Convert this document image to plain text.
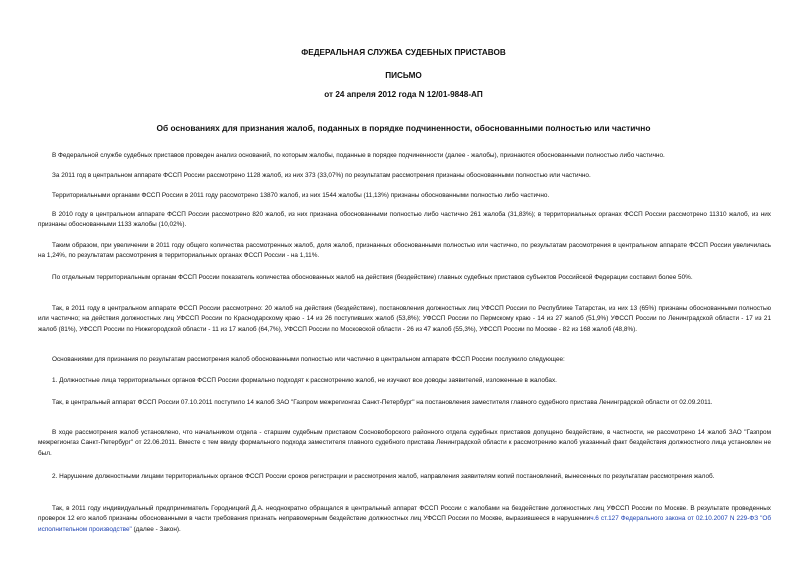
ФЕДЕРАЛЬНАЯ СЛУЖБА СУДЕБНЫХ ПРИСТАВОВ
ПИСЬМО
от 24 апреля 2012 года N 12/01-9848-АП
Об основаниях для признания жалоб, поданных в порядке подчиненности, обоснованными полностью или частично

В Федеральной службе судебных приставов проведен анализ оснований, по которым жалобы, поданные в порядке подчиненности (далее - жалобы), признаются обоснованными полностью либо частично.

За 2011 год в центральном аппарате ФССП России рассмотрено 1128 жалоб, из них 373 (33,07%) по результатам рассмотрения признаны обоснованными полностью или частично.

Территориальными органами ФССП России в 2011 году рассмотрено 13870 жалоб, из них 1544 жалобы (11,13%) признаны обоснованными полностью либо частично.

В 2010 году в центральном аппарате ФССП России рассмотрено 820 жалоб, из них признана обоснованными полностью либо частично 261 жалоба (31,83%); в территориальных органах ФССП России рассмотрено 11310 жалоб, из них признаны обоснованными 1133 жалобы (10,02%).

Таким образом, при увеличении в 2011 году общего количества рассмотренных жалоб, доля жалоб, признанных обоснованными полностью или частично, по результатам рассмотрения в центральном аппарате ФССП России увеличилась на 1,24%, по результатам рассмотрения в территориальных органах ФССП России - на 1,11%.

По отдельным территориальным органам ФССП России показатель количества обоснованных жалоб на действия (бездействие) главных судебных приставов субъектов Российской Федерации составил более 50%.

Так, в 2011 году в центральном аппарате ФССП России рассмотрено: 20 жалоб на действия (бездействие), постановления должностных лиц УФССП России по Республике Татарстан, из них 13 (65%) признаны обоснованными полностью или частично; на действия должностных лиц УФССП России по Краснодарскому краю - 14 из 26 поступивших жалоб (53,8%); УФССП России по Пермскому краю - 14 из 27 жалоб (51,9%) УФССП России по Ленинградской области - 17 из 21 жалоб (81%), УФССП России по Нижегородской области - 11 из 17 жалоб (64,7%), УФССП России по Московской области - 26 из 47 жалоб (55,3%), УФССП России по Москве - 82 из 168 жалоб (48,8%).

Основаниями для признания по результатам рассмотрения жалоб обоснованными полностью или частично в центральном аппарате ФССП России послужило следующее:

1. Должностные лица территориальных органов ФССП России формально подходят к рассмотрению жалоб, не изучают все доводы заявителей, изложенные в жалобах.

Так, в центральный аппарат ФССП России 07.10.2011 поступило 14 жалоб ЗАО "Газпром межрегионгаз Санкт-Петербург" на постановления заместителя главного судебного пристава Ленинградской области от 02.09.2011.

В ходе рассмотрения жалоб установлено, что начальником отдела - старшим судебным приставом Сосновоборского районного отдела судебных приставов допущено бездействие, в частности, не рассмотрено 14 жалоб ЗАО "Газпром межрегионгаз Санкт-Петербург" от 22.06.2011. Вместе с тем ввиду формального подхода заместителя главного судебного пристава Ленинградской области к рассмотрению жалоб указанный факт бездействия должностного лица установлен не был.

2. Нарушение должностными лицами территориальных органов ФССП России сроков регистрации и рассмотрения жалоб, направления заявителям копий постановлений, вынесенных по результатам рассмотрения жалоб.

Так, в 2011 году индивидуальный предприниматель Городницкий Д.А. неоднократно обращался в центральный аппарат ФССП России с жалобами на бездействие должностных лиц УФССП России по Москве. В результате проведенных проверок 12 его жалоб признаны обоснованными в части требования признать неправомерным бездействие должностных лиц УФССП России по Москве, выразившееся в нарушениич.6 ст.127 Федерального закона от 02.10.2007 N 229-ФЗ "Об исполнительном производстве" (далее - Закон).
